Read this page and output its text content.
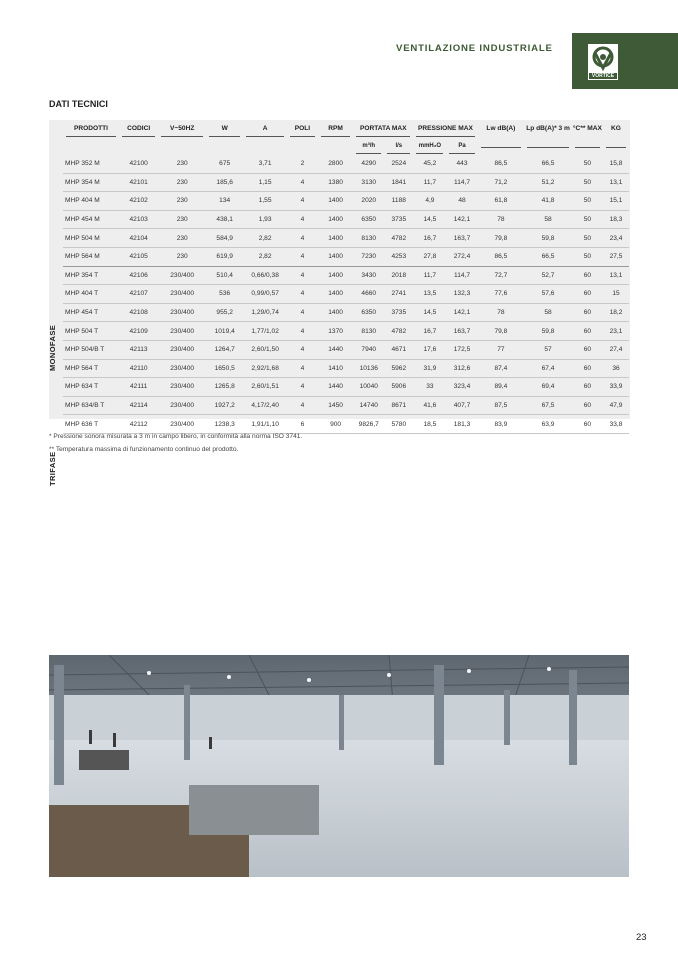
VENTILAZIONE INDUSTRIALE
VORTICE
DATI TECNICI
MONOFASE
TRIFASE
PRODOTTI	CODICI	V~50HZ	W	A	POLI	RPM	PORTATA MAX		PRESSIONE MAX		Lw dB(A)	Lp dB(A)* 3 m	°C** MAX	KG
							m³/h	l/s	mmH₂O	Pa

MHP 352 M	42100	230	675	3,71	2	2800	4290	2524	45,2	443	86,5	66,5	50	15,8
MHP 354 M	42101	230	185,6	1,15	4	1380	3130	1841	11,7	114,7	71,2	51,2	50	13,1
MHP 404 M	42102	230	134	1,55	4	1400	2020	1188	4,9	48	61,8	41,8	50	15,1
MHP 454 M	42103	230	438,1	1,93	4	1400	6350	3735	14,5	142,1	78	58	50	18,3
MHP 504 M	42104	230	584,9	2,82	4	1400	8130	4782	16,7	163,7	79,8	59,8	50	23,4
MHP 564 M	42105	230	619,9	2,82	4	1400	7230	4253	27,8	272,4	86,5	66,5	50	27,5
MHP 354 T	42106	230/400	510,4	0,66/0,38	4	1400	3430	2018	11,7	114,7	72,7	52,7	60	13,1
MHP 404 T	42107	230/400	536	0,99/0,57	4	1400	4660	2741	13,5	132,3	77,6	57,6	60	15
MHP 454 T	42108	230/400	955,2	1,29/0,74	4	1400	6350	3735	14,5	142,1	78	58	60	18,2
MHP 504 T	42109	230/400	1019,4	1,77/1,02	4	1370	8130	4782	16,7	163,7	79,8	59,8	60	23,1
MHP 504/B T	42113	230/400	1264,7	2,60/1,50	4	1440	7940	4671	17,6	172,5	77	57	60	27,4
MHP 564 T	42110	230/400	1650,5	2,92/1,68	4	1410	10136	5962	31,9	312,6	87,4	67,4	60	36
MHP 634 T	42111	230/400	1265,8	2,60/1,51	4	1440	10040	5906	33	323,4	89,4	69,4	60	33,9
MHP 634/B T	42114	230/400	1927,2	4,17/2,40	4	1450	14740	8671	41,6	407,7	87,5	67,5	60	47,9
MHP 636 T	42112	230/400	1238,3	1,91/1,10	6	900	9826,7	5780	18,5	181,3	83,9	63,9	60	33,8
* Pressione sonora misurata a 3 m in campo libero, in conformità alla norma ISO 3741.
** Temperatura massima di funzionamento continuo del prodotto.
23
